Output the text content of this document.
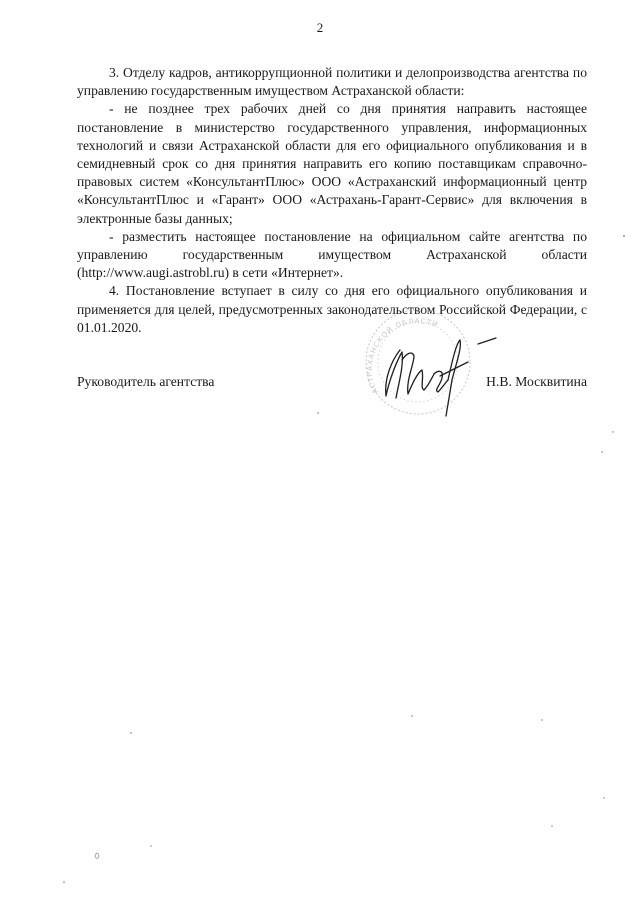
2

3. Отделу кадров, антикоррупционной политики и делопроизводства агентства по управлению государственным имуществом Астраханской области:

- не позднее трех рабочих дней со дня принятия направить настоящее постановление в министерство государственного управления, информационных технологий и связи Астраханской области для его официального опубликования и в семидневный срок со дня принятия направить его копию поставщикам справочно-правовых систем «КонсультантПлюс» ООО «Астраханский информационный центр «КонсультантПлюс и «Гарант» ООО «Астрахань-Гарант-Сервис» для включения в электронные базы данных;

- разместить настоящее постановление на официальном сайте агентства по управлению государственным имуществом Астраханской области (http://www.augi.astrobl.ru) в сети «Интернет».

4. Постановление вступает в силу со дня его официального опубликования и применяется для целей, предусмотренных законодательством Российской Федерации, с 01.01.2020.

АСТРАХАНСКОЙ ОБЛАСТИ
Руководитель агентства	Н.В. Москвитина
